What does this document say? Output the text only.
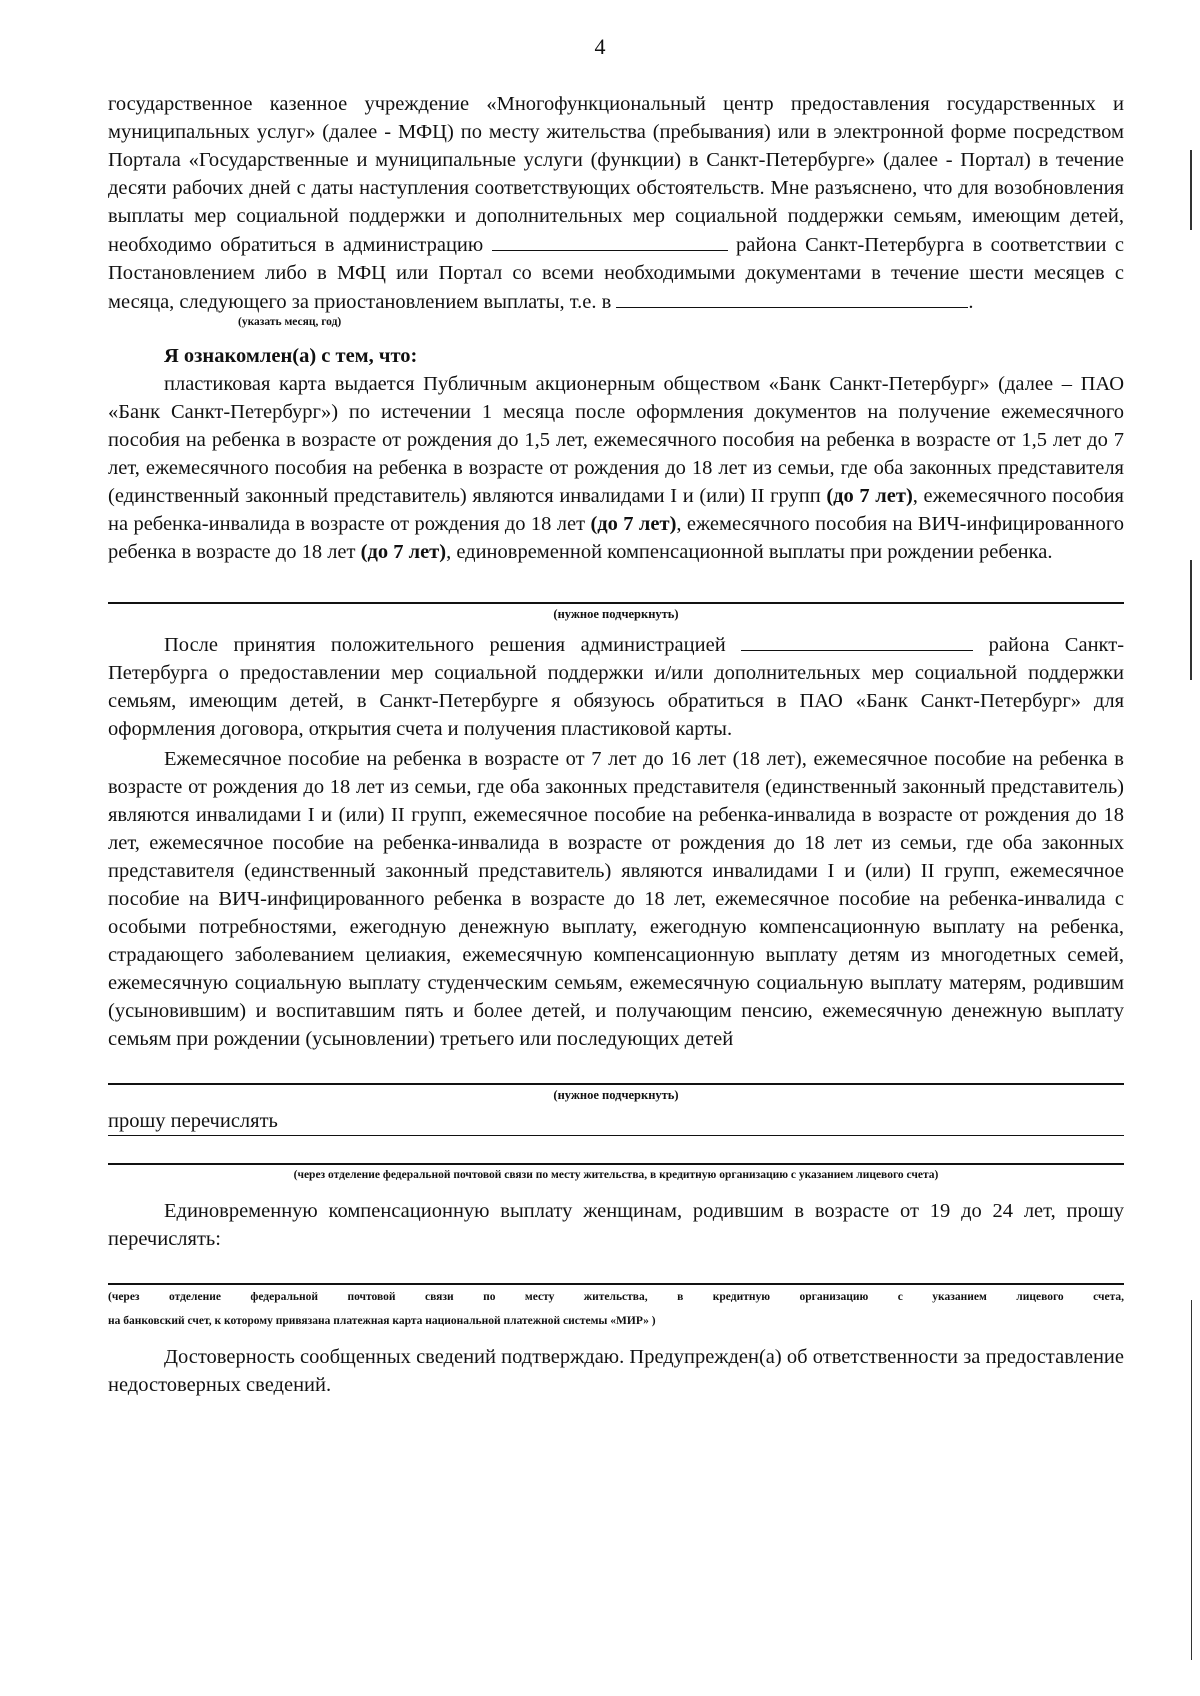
4

государственное казенное учреждение «Многофункциональный центр предоставления государственных и муниципальных услуг» (далее - МФЦ) по месту жительства (пребывания) или в электронной форме посредством Портала «Государственные и муниципальные услуги (функции) в Санкт-Петербурге» (далее - Портал) в течение десяти рабочих дней с даты наступления соответствующих обстоятельств. Мне разъяснено, что для возобновления выплаты мер социальной поддержки и дополнительных мер социальной поддержки семьям, имеющим детей, необходимо обратиться в администрацию	района Санкт-Петербурга в соответствии с Постановлением либо в МФЦ или Портал со всеми необходимыми документами в течение шести месяцев с месяца, следующего за приостановлением выплаты, т.е. в	.

(указать месяц, год)
Я ознакомлен(а) с тем, что:

пластиковая карта выдается Публичным акционерным обществом «Банк Санкт-Петербург» (далее – ПАО «Банк Санкт-Петербург») по истечении 1 месяца после оформления документов на получение ежемесячного пособия на ребенка в возрасте от рождения до 1,5 лет, ежемесячного пособия на ребенка в возрасте от 1,5 лет до 7 лет, ежемесячного пособия на ребенка в возрасте от рождения до 18 лет из семьи, где оба законных представителя (единственный законный представитель) являются инвалидами I и (или) II групп (до 7 лет), ежемесячного пособия на ребенка-инвалида в возрасте от рождения до 18 лет (до 7 лет), ежемесячного пособия на ВИЧ-инфицированного ребенка в возрасте до 18 лет (до 7 лет), единовременной компенсационной выплаты при рождении ребенка.

(нужное подчеркнуть)

После принятия положительного решения администрацией	района Санкт-Петербурга о предоставлении мер социальной поддержки и/или дополнительных мер социальной поддержки семьям, имеющим детей, в Санкт-Петербурге я обязуюсь обратиться в ПАО «Банк Санкт-Петербург» для оформления договора, открытия счета и получения пластиковой карты.

Ежемесячное пособие на ребенка в возрасте от 7 лет до 16 лет (18 лет), ежемесячное пособие на ребенка в возрасте от рождения до 18 лет из семьи, где оба законных представителя (единственный законный представитель) являются инвалидами I и (или) II групп, ежемесячное пособие на ребенка-инвалида в возрасте от рождения до 18 лет, ежемесячное пособие на ребенка-инвалида в возрасте от рождения до 18 лет из семьи, где оба законных представителя (единственный законный представитель) являются инвалидами I и (или) II групп, ежемесячное пособие на ВИЧ-инфицированного ребенка в возрасте до 18 лет, ежемесячное пособие на ребенка-инвалида с особыми потребностями, ежегодную денежную выплату, ежегодную компенсационную выплату на ребенка, страдающего заболеванием целиакия, ежемесячную компенсационную выплату детям из многодетных семей, ежемесячную социальную выплату студенческим семьям, ежемесячную социальную выплату матерям, родившим (усыновившим) и воспитавшим пять и более детей, и получающим пенсию, ежемесячную денежную выплату семьям при рождении (усыновлении) третьего или последующих детей

(нужное подчеркнуть)

прошу перечислять

(через отделение федеральной почтовой связи по месту жительства, в кредитную организацию с указанием лицевого счета)

Единовременную компенсационную выплату женщинам, родившим в возрасте от 19 до 24 лет, прошу перечислять:

(через отделение федеральной почтовой связи по месту жительства, в кредитную организацию с указанием лицевого счета,
на банковский счет, к которому привязана платежная карта национальной платежной системы «МИР» )

Достоверность сообщенных сведений подтверждаю. Предупрежден(а) об ответственности за предоставление недостоверных сведений.
